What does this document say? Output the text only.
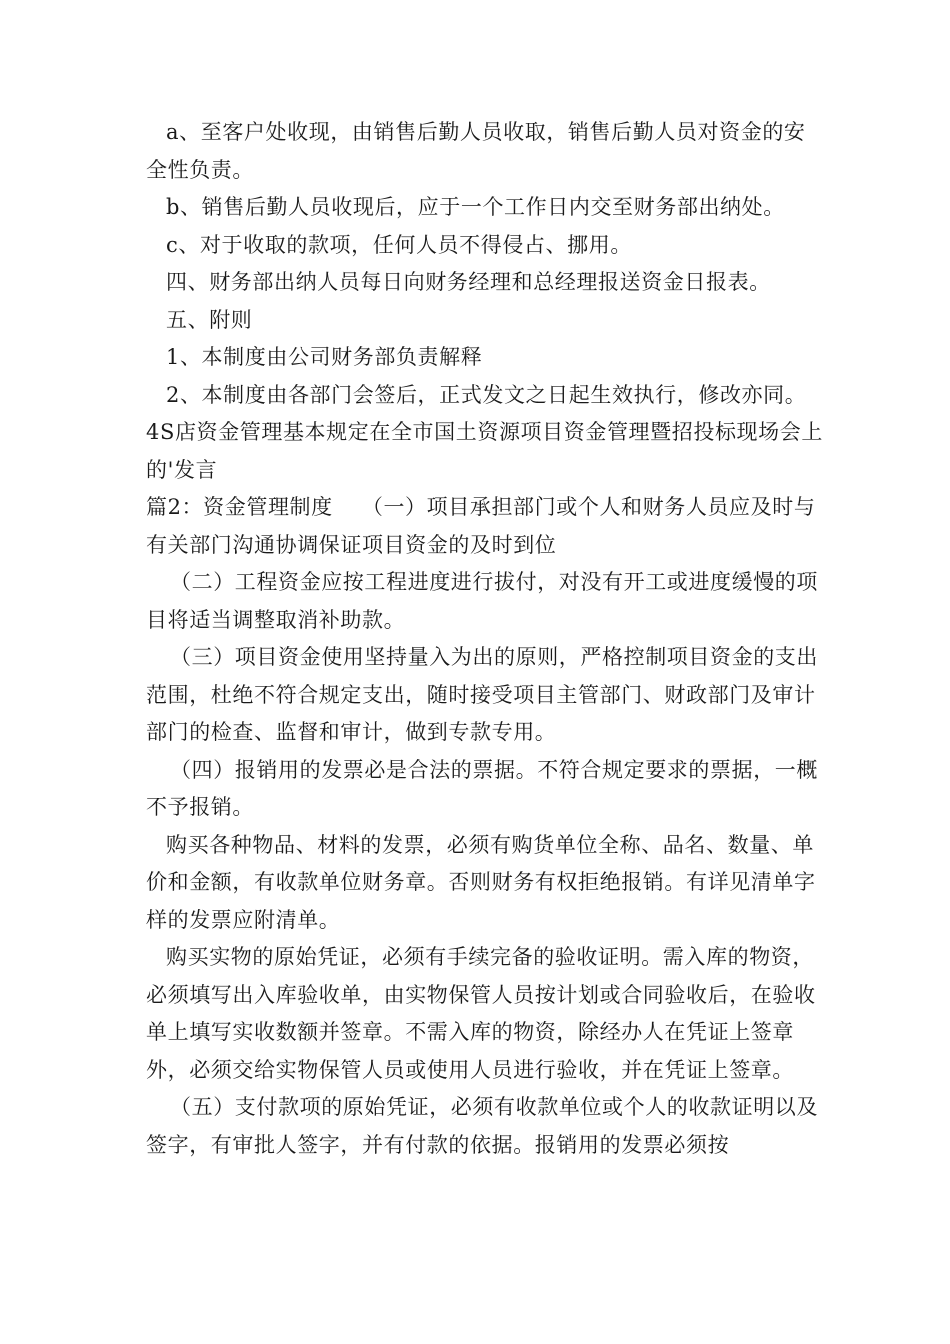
a、至客户处收现，由销售后勤人员收取，销售后勤人员对资金的安全性负责。

b、销售后勤人员收现后，应于一个工作日内交至财务部出纳处。

c、对于收取的款项，任何人员不得侵占、挪用。

四、财务部出纳人员每日向财务经理和总经理报送资金日报表。

五、附则

1、本制度由公司财务部负责解释

2、本制度由各部门会签后，正式发文之日起生效执行，修改亦同。

4S店资金管理基本规定在全市国土资源项目资金管理暨招投标现场会上的'发言

篇2：资金管理制度    （一）项目承担部门或个人和财务人员应及时与有关部门沟通协调保证项目资金的及时到位

（二）工程资金应按工程进度进行拔付，对没有开工或进度缓慢的项目将适当调整取消补助款。

（三）项目资金使用坚持量入为出的原则，严格控制项目资金的支出范围，杜绝不符合规定支出，随时接受项目主管部门、财政部门及审计部门的检查、监督和审计，做到专款专用。

（四）报销用的发票必是合法的票据。不符合规定要求的票据，一概不予报销。

购买各种物品、材料的发票，必须有购货单位全称、品名、数量、单价和金额，有收款单位财务章。否则财务有权拒绝报销。有详见清单字样的发票应附清单。

购买实物的原始凭证，必须有手续完备的验收证明。需入库的物资，必须填写出入库验收单，由实物保管人员按计划或合同验收后，在验收单上填写实收数额并签章。不需入库的物资，除经办人在凭证上签章外，必须交给实物保管人员或使用人员进行验收，并在凭证上签章。

（五）支付款项的原始凭证，必须有收款单位或个人的收款证明以及签字，有审批人签字，并有付款的依据。报销用的发票必须按
